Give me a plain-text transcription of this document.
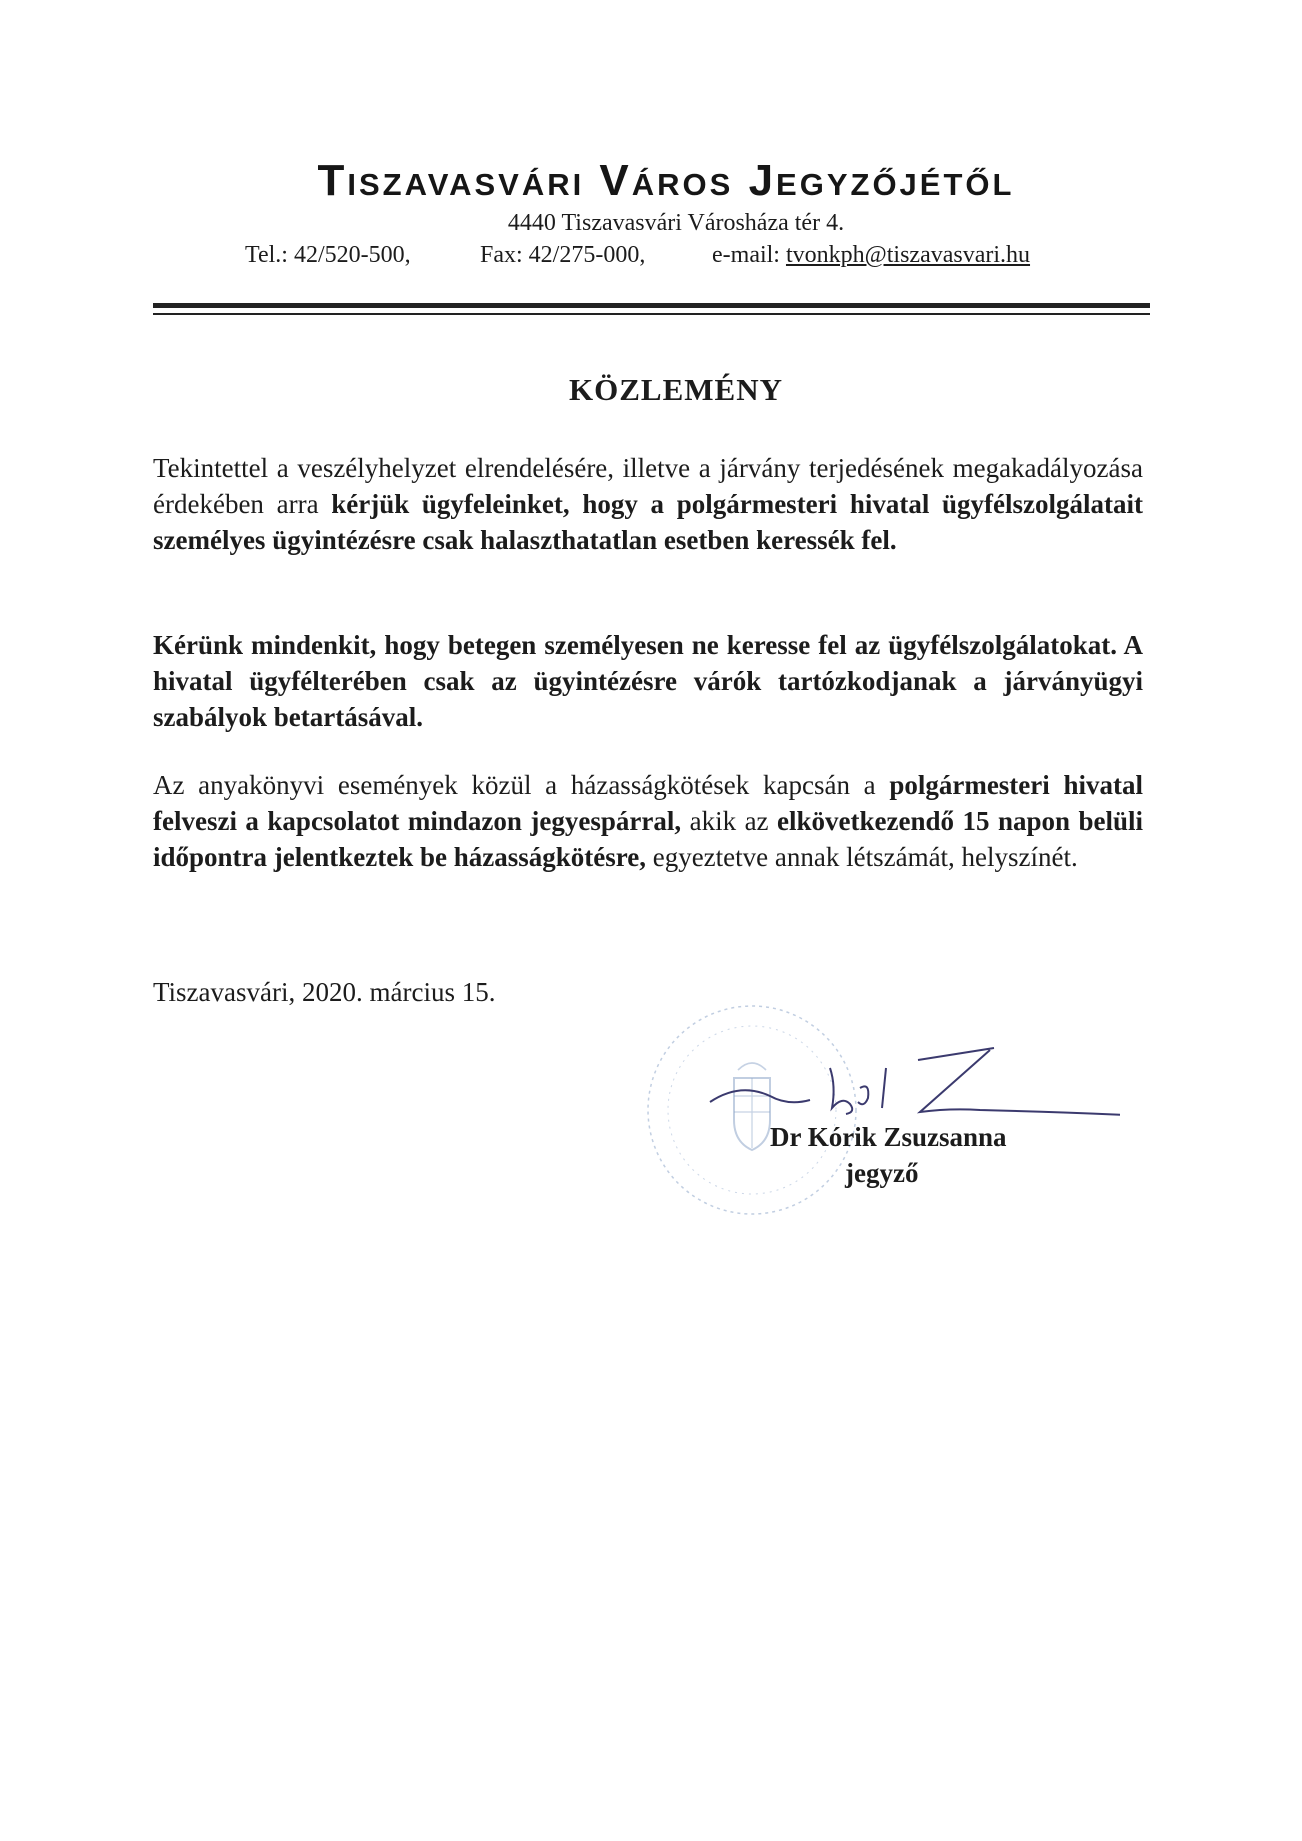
Tiszavasvári Város Jegyzőjétől
4440 Tiszavasvári Városháza tér 4.
Tel.: 42/520-500,	Fax: 42/275-000,	e-mail: tvonkph@tiszavasvari.hu
KÖZLEMÉNY
Tekintettel a veszélyhelyzet elrendelésére, illetve a járvány terjedésének megakadályozása érdekében arra kérjük ügyfeleinket, hogy a polgármesteri hivatal ügyfélszolgálatait személyes ügyintézésre csak halaszthatatlan esetben keressék fel.
Kérünk mindenkit, hogy betegen személyesen ne keresse fel az ügyfélszolgálatokat. A hivatal ügyfélterében csak az ügyintézésre várók tartózkodjanak a járványügyi szabályok betartásával.
Az anyakönyvi események közül a házasságkötések kapcsán a polgármesteri hivatal felveszi a kapcsolatot mindazon jegyespárral, akik az elkövetkezendő 15 napon belüli időpontra jelentkeztek be házasságkötésre, egyeztetve annak létszámát, helyszínét.
Tiszavasvári, 2020. március 15.
Dr Kórik Zsuzsanna
jegyző
